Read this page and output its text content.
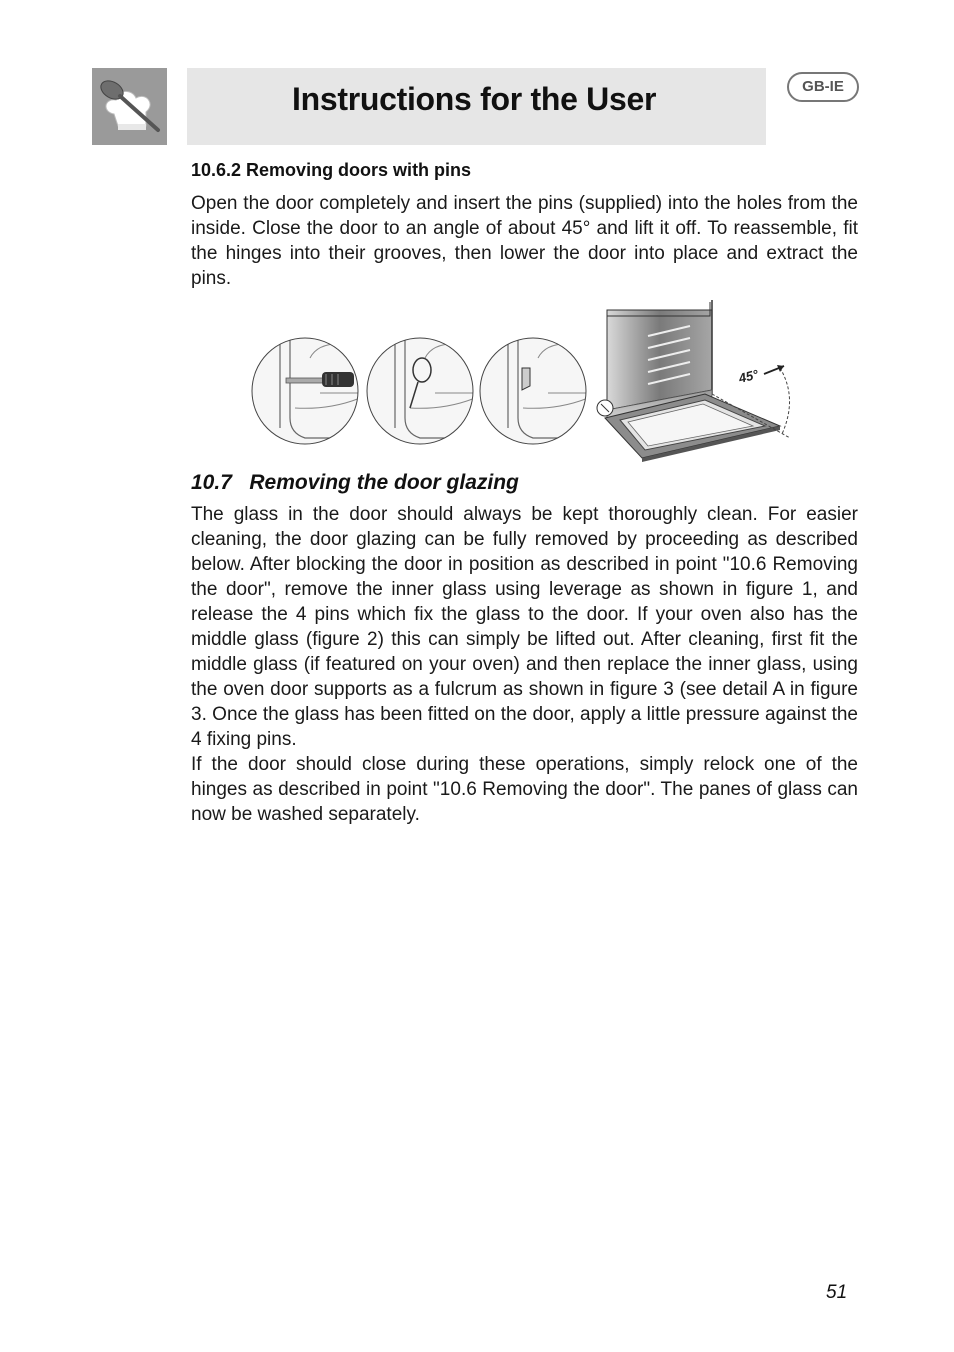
Instructions for the User	GB-IE
10.6.2 Removing doors with pins

Open the door completely and insert the pins (supplied) into the holes from the inside. Close the door to an angle of about 45° and lift it off. To reassemble, fit the hinges into their grooves, then lower the door into place and extract the pins.

45°
10.7   Removing the door glazing

The glass in the door should always be kept thoroughly clean. For easier cleaning, the door glazing can be fully removed by proceeding as described below. After blocking the door in position as described in point "10.6 Removing the door", remove the inner glass using leverage as shown in figure 1, and release the 4 pins which fix the glass to the door. If your oven also has the middle glass (figure 2) this can simply be lifted out. After cleaning, first fit the middle glass (if featured on your oven) and then replace the inner glass, using the oven door supports as a fulcrum as shown in figure 3 (see detail A in figure 3. Once the glass has been fitted on the door, apply a little pressure against the 4 fixing pins.

If the door should close during these operations, simply relock one of the hinges as described in point "10.6 Removing the door". The panes of glass can now be washed separately.

51
